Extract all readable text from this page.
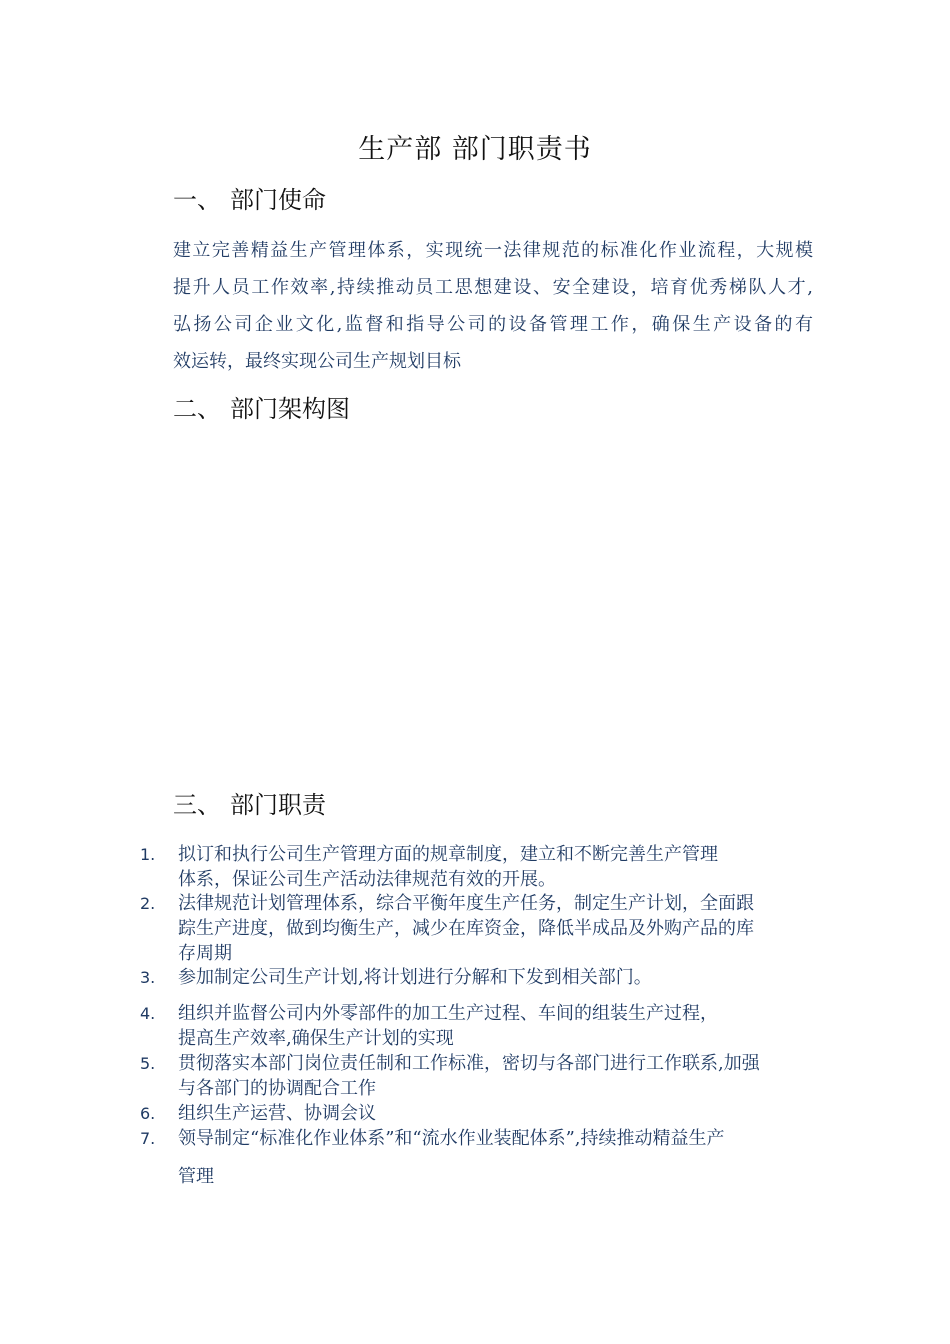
生产部 部门职责书
一、 部门使命
建立完善精益生产管理体系，实现统一法律规范的标准化作业流程，大规模
提升人员工作效率,持续推动员工思想建设、安全建设，培育优秀梯队人才,
弘扬公司企业文化,监督和指导公司的设备管理工作，确保生产设备的有
效运转，最终实现公司生产规划目标
二、 部门架构图
三、 部门职责
1.	拟订和执行公司生产管理方面的规章制度，建立和不断完善生产管理
体系，保证公司生产活动法律规范有效的开展。
2.	法律规范计划管理体系，综合平衡年度生产任务，制定生产计划，全面跟
踪生产进度，做到均衡生产，减少在库资金，降低半成品及外购产品的库
存周期
3.	参加制定公司生产计划,将计划进行分解和下发到相关部门。
4.	组织并监督公司内外零部件的加工生产过程、车间的组装生产过程，
提高生产效率,确保生产计划的实现
5.	贯彻落实本部门岗位责任制和工作标准，密切与各部门进行工作联系,加强
与各部门的协调配合工作
6.	组织生产运营、协调会议
7.	领导制定“标准化作业体系”和“流水作业装配体系”,持续推动精益生产
管理
